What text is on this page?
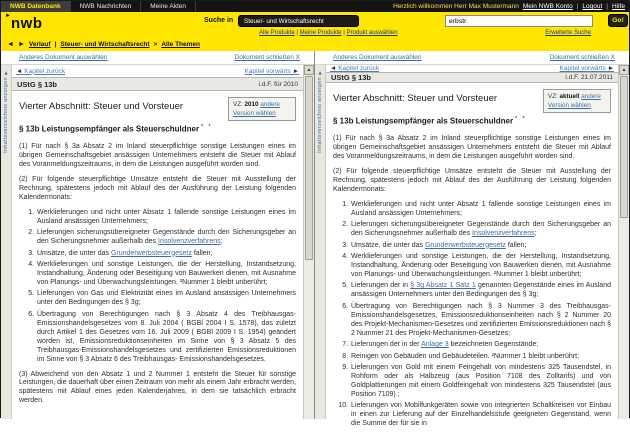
NWB Datenbank	NWB Nachrichten	Meine Akten	Herzlich willkommen Herr Max Mustermann Mein NWB Konto | Logout | Hilfe
► nwb	Suche in	Steuer- und Wirtschaftsrecht
erbstr	Go!
Alle Produkte | Meine Produkte | Produkt auswählen	Erweiterte Suche
◄ ► Verlauf | Steuer- und Wirtschaftsrecht > Alle Themen
Anderes Dokument auswählen	Dokument schließen X
Inhaltsverzeichnis anzeigen ▼ ◄ Kapitel zurück	Kapitel vorwärts ►
UStG § 13b	i.d.F. für 2010
VZ: 2010 andere Version wählen
Vierter Abschnitt: Steuer und Vorsteuer
§ 13b Leistungsempfänger als Steuerschuldner ° °

(1) Für nach § 3a Absatz 2 im Inland steuerpflichtige sonstige Leistungen eines im übrigen Gemeinschaftsgebiet ansässigen Unternehmers entsteht die Steuer mit Ablauf des Voranmeldungszeitraums, in dem die Leistungen ausgeführt worden sind.

(2) Für folgende steuerpflichtige Umsätze entsteht die Steuer mit Ausstellung der Rechnung, spätestens jedoch mit Ablauf des der Ausführung der Leistung folgenden Kalendermonats:

1. Werklieferungen und nicht unter Absatz 1 fallende sonstige Leistungen eines im Ausland ansässigen Unternehmers;
2. Lieferungen sicherungsübereigneter Gegenstände durch den Sicherungsgeber an den Sicherungsnehmer außerhalb des Insolvenzverfahrens;
3. Umsätze, die unter das Grunderwerbsteuergesetz fallen;
4. Werklieferungen und sonstige Leistungen, die der Herstellung, Instandsetzung, Instandhaltung, Änderung oder Beseitigung von Bauwerken dienen, mit Ausnahme von Planungs- und Überwachungsleistungen. ²Nummer 1 bleibt unberührt;
5. Lieferungen von Gas und Elektrizität eines im Ausland ansässigen Unternehmers unter den Bedingungen des § 3g;
6. Übertragung von Berechtigungen nach § 3 Absatz 4 des Treibhausgas-Emissionshandelsgesetzes vom 8. Juli 2004 ( BGBl 2004 I S. 1578), das zuletzt durch Artikel 1 des Gesetzes vom 16. Juli 2009 ( BGBl 2009 I S. 1954) geändert worden ist, Emissionsreduktionseinheiten im Sinne von § 3 Absatz 5 des Treibhausgas-Emissionshandelsgesetzes und zertifizierten Emissionsreduktionen im Sinne von § 3 Absatz 6 des Treibhausgas- Emissionshandelsgesetzes.

(3) Abweichend von den Absatz 1 und 2 Nummer 1 entsteht die Steuer für sonstige Leistungen, die dauerhaft über einen Zeitraum von mehr als einem Jahr erbracht werden, spätestens mit Ablauf eines jeden Kalenderjahres, in dem sie tatsächlich erbracht werden.

▲
Anderes Dokument auswählen	Dokument schließen X
Inhaltsverzeichnis anzeigen ▼
◄ Kapitel zurück	Kapitel vorwärts ►
UStG § 13b	i.d.F. 21.07.2011
VZ: aktuell andere Version wählen
Vierter Abschnitt: Steuer und Vorsteuer
§ 13b Leistungsempfänger als Steuerschuldner ° °

(1) Für nach § 3a Absatz 2 im Inland steuerpflichtige sonstige Leistungen eines im übrigen Gemeinschaftsgebiet ansässigen Unternehmers entsteht die Steuer mit Ablauf des Voranmeldungszeitraums, in dem die Leistungen ausgeführt worden sind.

(2) Für folgende steuerpflichtige Umsätze entsteht die Steuer mit Ausstellung der Rechnung, spätestens jedoch mit Ablauf des der Ausführung der Leistung folgenden Kalendermonats:

1. Werklieferungen und nicht unter Absatz 1 fallende sonstige Leistungen eines im Ausland ansässigen Unternehmers;
2. Lieferungen sicherungsübereigneter Gegenstände durch den Sicherungsgeber an den Sicherungsnehmer außerhalb des Insolvenzverfahrens;
3. Umsätze, die unter das Grunderwerbsteuergesetz fallen;
4. Werklieferungen und sonstige Leistungen, die der Herstellung, Instandsetzung, Instandhaltung, Änderung oder Beseitigung von Bauwerken dienen, mit Ausnahme von Planungs- und Überwachungsleistungen. ²Nummer 1 bleibt unberührt;
5. Lieferungen der in § 3g Absatz 1 Satz 1 genannten Gegenstände eines im Ausland ansässigen Unternehmers unter den Bedingungen des § 3g;
6. Übertragung von Berechtigungen nach § 3 Nummer 3 des Treibhausgas-Emissionshandelsgesetzes, Emissionsreduktionseinheiten nach § 2 Nummer 20 des Projekt-Mechanismen-Gesetzes und zertifizierten Emissionsreduktionen nach § 2 Nummer 21 des Projekt-Mechanismen-Gesetzes;
7. Lieferungen der in der Anlage 3 bezeichneten Gegenstände;
8. Reinigen von Gebäuden und Gebäudeteilen. ²Nummer 1 bleibt unberührt;
9. Lieferungen von Gold mit einem Feingehalt von mindestens 325 Tausendstel, in Rohform oder als Halbzeug (aus Position 7108 des Zolltarifs) und von Goldplattierungen mit einem Goldfeingehalt von mindestens 325 Tausendstel (aus Position 7109) ;
10. Lieferungen von Mobilfunkgeräten sowie von integrierten Schaltkreisen vor Einbau in einen zur Lieferung auf der Einzelhandelsstufe geeigneten Gegenstand, wenn die Summe der für sie in
▲
